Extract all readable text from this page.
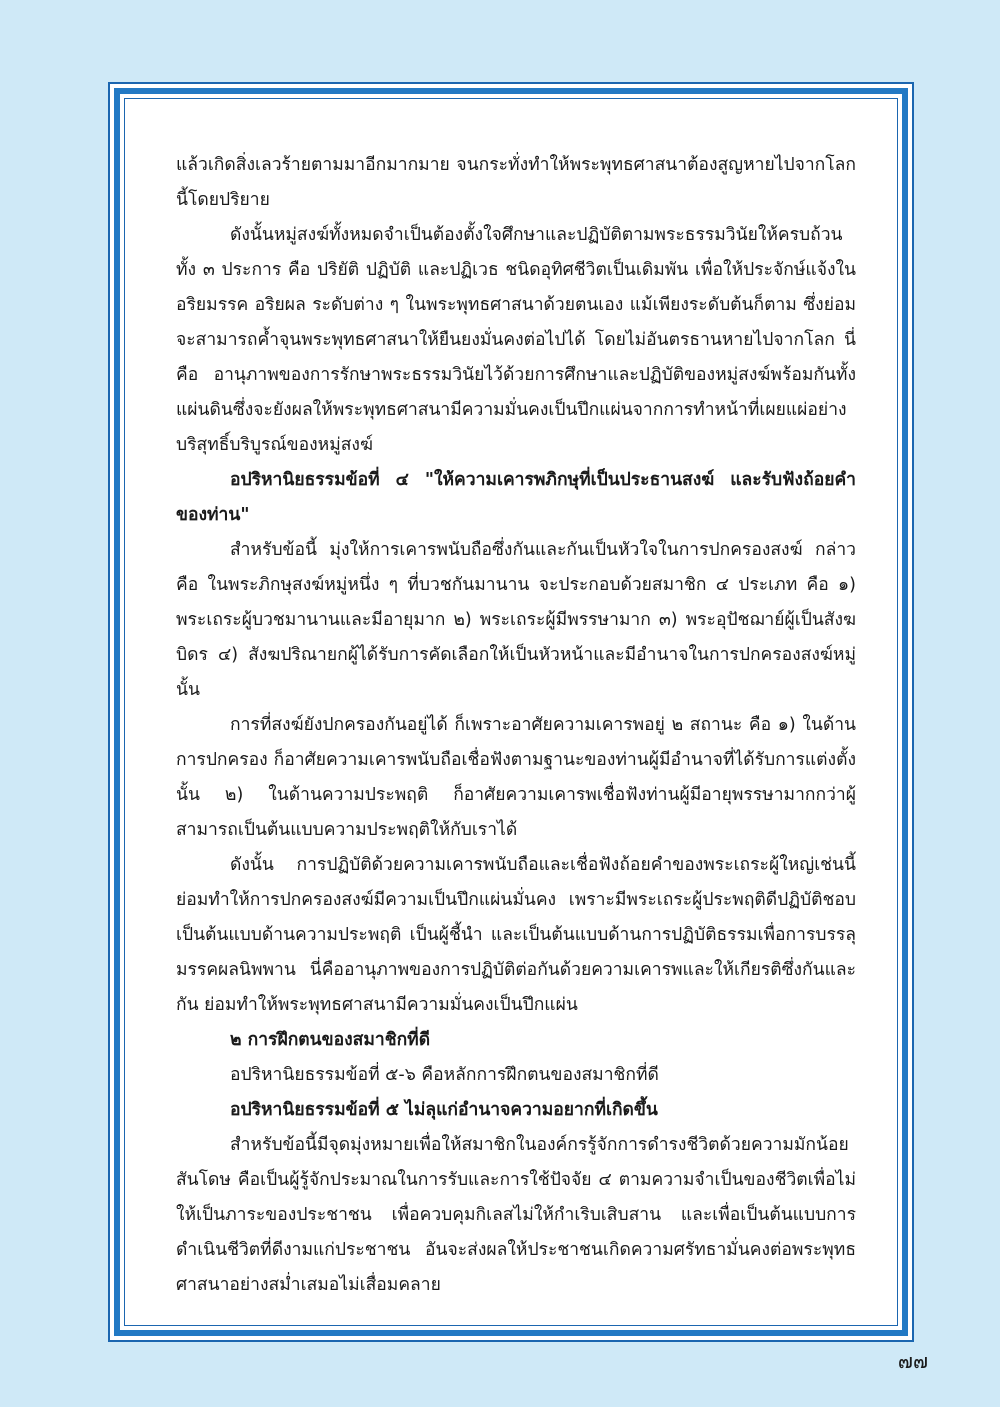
แล้วเกิดสิ่งเลวร้ายตามมาอีกมากมาย จนกระทั่งทำให้พระพุทธศาสนาต้องสูญหายไปจากโลกนี้โดยปริยาย

ดังนั้นหมู่สงฆ์ทั้งหมดจำเป็นต้องตั้งใจศึกษาและปฏิบัติตามพระธรรมวินัยให้ครบถ้วนทั้ง ๓ ประการ คือ ปริยัติ ปฏิบัติ และปฏิเวธ ชนิดอุทิศชีวิตเป็นเดิมพัน เพื่อให้ประจักษ์แจ้งในอริยมรรค อริยผล ระดับต่าง ๆ ในพระพุทธศาสนาด้วยตนเอง แม้เพียงระดับต้นก็ตาม ซึ่งย่อมจะสามารถค้ำจุนพระพุทธศาสนาให้ยืนยงมั่นคงต่อไปได้ โดยไม่อันตรธานหายไปจากโลก นี่คือ อานุภาพของการรักษาพระธรรมวินัยไว้ด้วยการศึกษาและปฏิบัติของหมู่สงฆ์พร้อมกันทั้งแผ่นดินซึ่งจะยังผลให้พระพุทธศาสนามีความมั่นคงเป็นปึกแผ่นจากการทำหน้าที่เผยแผ่อย่างบริสุทธิ์บริบูรณ์ของหมู่สงฆ์

อปริหานิยธรรมข้อที่ ๔ "ให้ความเคารพภิกษุที่เป็นประธานสงฆ์ และรับฟังถ้อยคำของท่าน"

สำหรับข้อนี้ มุ่งให้การเคารพนับถือซึ่งกันและกันเป็นหัวใจในการปกครองสงฆ์ กล่าวคือ ในพระภิกษุสงฆ์หมู่หนึ่ง ๆ ที่บวชกันมานาน จะประกอบด้วยสมาชิก ๔ ประเภท คือ ๑) พระเถระผู้บวชมานานและมีอายุมาก ๒) พระเถระผู้มีพรรษามาก ๓) พระอุปัชฌาย์ผู้เป็นสังฆบิดร ๔) สังฆปริณายกผู้ได้รับการคัดเลือกให้เป็นหัวหน้าและมีอำนาจในการปกครองสงฆ์หมู่นั้น

การที่สงฆ์ยังปกครองกันอยู่ได้ ก็เพราะอาศัยความเคารพอยู่ ๒ สถานะ คือ ๑) ในด้านการปกครอง ก็อาศัยความเคารพนับถือเชื่อฟังตามฐานะของท่านผู้มีอำนาจที่ได้รับการแต่งตั้งนั้น ๒) ในด้านความประพฤติ ก็อาศัยความเคารพเชื่อฟังท่านผู้มีอายุพรรษามากกว่าผู้สามารถเป็นต้นแบบความประพฤติให้กับเราได้

ดังนั้น การปฏิบัติด้วยความเคารพนับถือและเชื่อฟังถ้อยคำของพระเถระผู้ใหญ่เช่นนี้ย่อมทำให้การปกครองสงฆ์มีความเป็นปึกแผ่นมั่นคง เพราะมีพระเถระผู้ประพฤติดีปฏิบัติชอบเป็นต้นแบบด้านความประพฤติ เป็นผู้ชี้นำ และเป็นต้นแบบด้านการปฏิบัติธรรมเพื่อการบรรลุมรรคผลนิพพาน นี่คืออานุภาพของการปฏิบัติต่อกันด้วยความเคารพและให้เกียรติซึ่งกันและกัน ย่อมทำให้พระพุทธศาสนามีความมั่นคงเป็นปึกแผ่น

๒ การฝึกตนของสมาชิกที่ดี

อปริหานิยธรรมข้อที่ ๕-๖ คือหลักการฝึกตนของสมาชิกที่ดี

อปริหานิยธรรมข้อที่ ๕ ไม่ลุแก่อำนาจความอยากที่เกิดขึ้น

สำหรับข้อนี้มีจุดมุ่งหมายเพื่อให้สมาชิกในองค์กรรู้จักการดำรงชีวิตด้วยความมักน้อยสันโดษ คือเป็นผู้รู้จักประมาณในการรับและการใช้ปัจจัย ๔ ตามความจำเป็นของชีวิตเพื่อไม่ให้เป็นภาระของประชาชน เพื่อควบคุมกิเลสไม่ให้กำเริบเสิบสาน และเพื่อเป็นต้นแบบการดำเนินชีวิตที่ดีงามแก่ประชาชน อันจะส่งผลให้ประชาชนเกิดความศรัทธามั่นคงต่อพระพุทธศาสนาอย่างสม่ำเสมอไม่เสื่อมคลาย

๗๗
